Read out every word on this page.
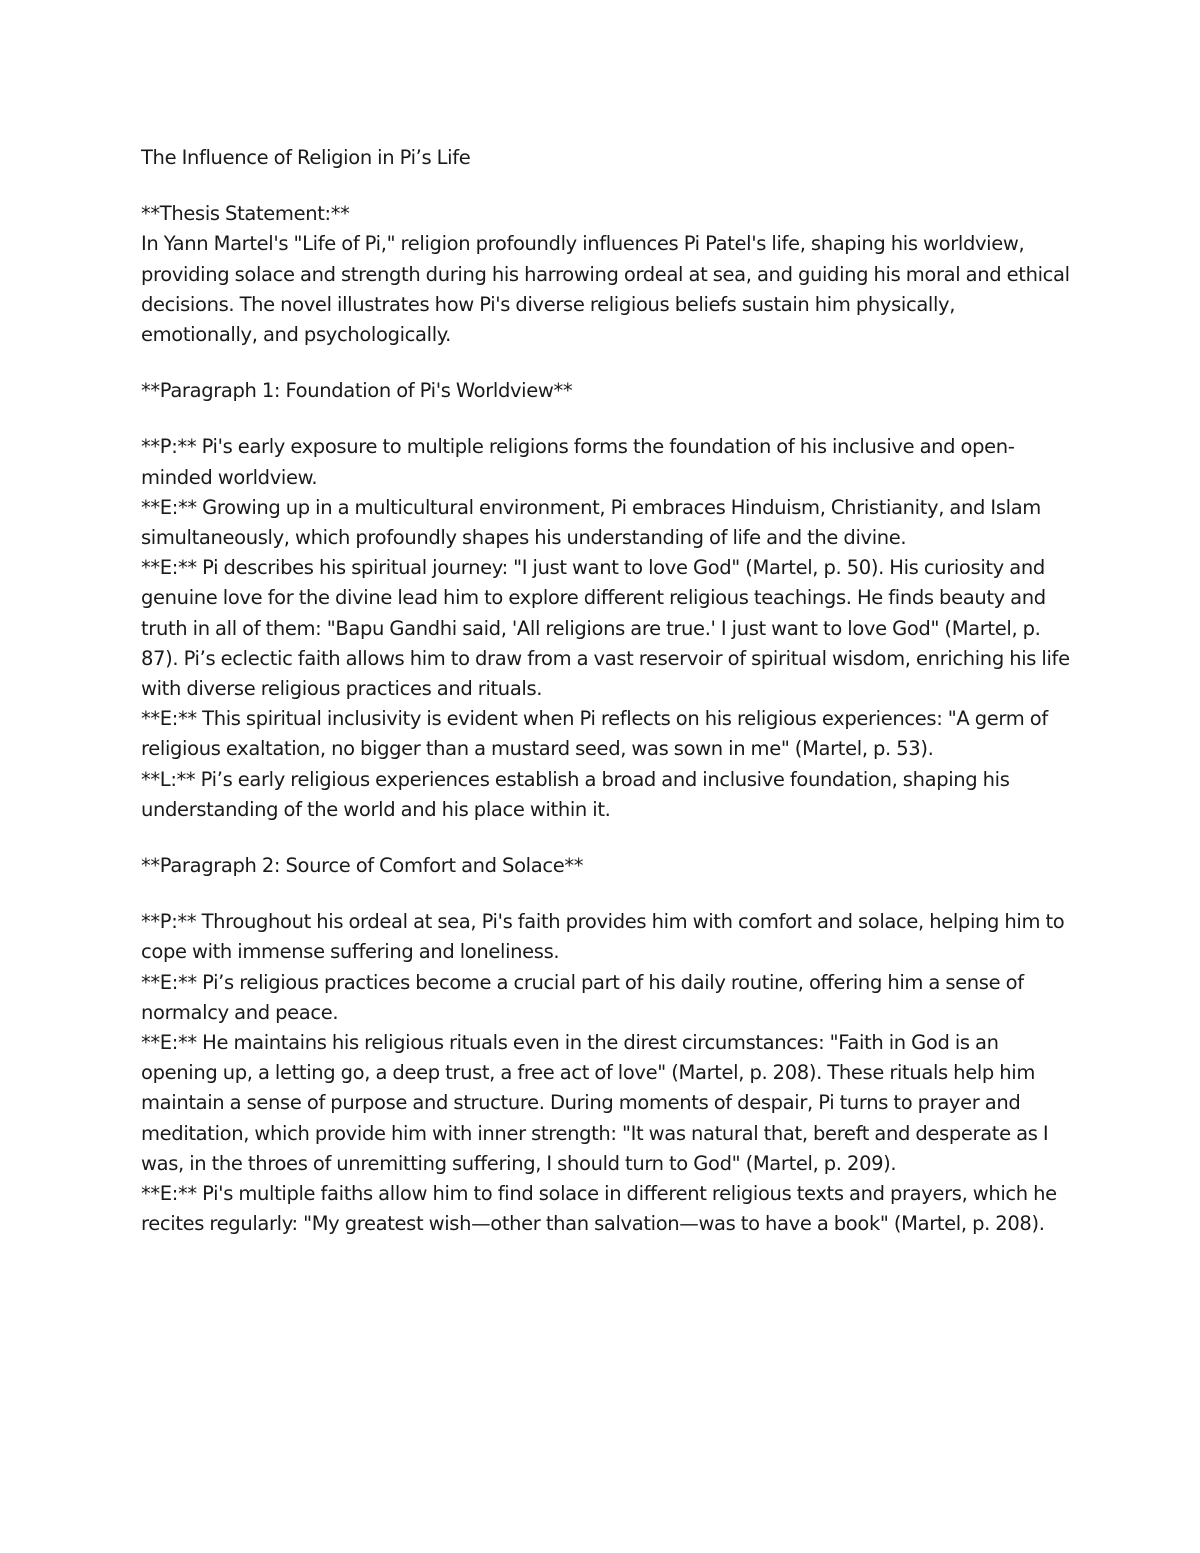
The Influence of Religion in Pi’s Life

**Thesis Statement:**

In Yann Martel's "Life of Pi," religion profoundly influences Pi Patel's life, shaping his worldview, providing solace and strength during his harrowing ordeal at sea, and guiding his moral and ethical decisions. The novel illustrates how Pi's diverse religious beliefs sustain him physically, emotionally, and psychologically.

**Paragraph 1: Foundation of Pi's Worldview**

**P:** Pi's early exposure to multiple religions forms the foundation of his inclusive and open-minded worldview.

**E:** Growing up in a multicultural environment, Pi embraces Hinduism, Christianity, and Islam simultaneously, which profoundly shapes his understanding of life and the divine.

**E:** Pi describes his spiritual journey: "I just want to love God" (Martel, p. 50). His curiosity and genuine love for the divine lead him to explore different religious teachings. He finds beauty and truth in all of them: "Bapu Gandhi said, 'All religions are true.' I just want to love God" (Martel, p. 87). Pi’s eclectic faith allows him to draw from a vast reservoir of spiritual wisdom, enriching his life with diverse religious practices and rituals.

**E:** This spiritual inclusivity is evident when Pi reflects on his religious experiences: "A germ of religious exaltation, no bigger than a mustard seed, was sown in me" (Martel, p. 53).

**L:** Pi’s early religious experiences establish a broad and inclusive foundation, shaping his understanding of the world and his place within it.

**Paragraph 2: Source of Comfort and Solace**

**P:** Throughout his ordeal at sea, Pi's faith provides him with comfort and solace, helping him to cope with immense suffering and loneliness.

**E:** Pi’s religious practices become a crucial part of his daily routine, offering him a sense of normalcy and peace.

**E:** He maintains his religious rituals even in the direst circumstances: "Faith in God is an opening up, a letting go, a deep trust, a free act of love" (Martel, p. 208). These rituals help him maintain a sense of purpose and structure. During moments of despair, Pi turns to prayer and meditation, which provide him with inner strength: "It was natural that, bereft and desperate as I was, in the throes of unremitting suffering, I should turn to God" (Martel, p. 209).

**E:** Pi's multiple faiths allow him to find solace in different religious texts and prayers, which he recites regularly: "My greatest wish—other than salvation—was to have a book" (Martel, p. 208).
